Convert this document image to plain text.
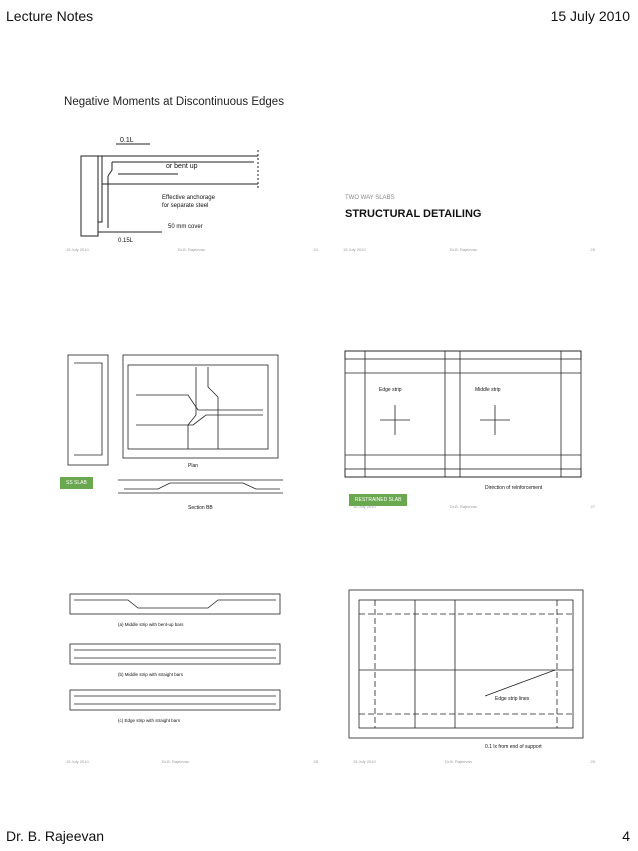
Lecture Notes	15 July 2010
Negative Moments at Discontinuous Edges
0.1L
or bent up
Effective anchorage
for separate steel
50 mm cover
0.15L
15 July 2010	Dr.B. Rajeevan	24
TWO WAY SLABS
STRUCTURAL DETAILING
15 July 2010	Dr.B. Rajeevan	25
Plan
Section BB
SS SLAB
Edge strip	Middle strip
Direction of reinforcement
RESTRAINED SLAB
15 July 2010	Dr.B. Rajeevan	27
(a) Middle strip with bent-up bars
(b) Middle strip with straight bars
(c) Edge strip with straight bars
15 July 2010	Dr.B. Rajeevan	28
Edge strip lines
0.1 lx from end of support
15 July 2010	Dr.B. Rajeevan	29
Dr. B. Rajeevan	4
